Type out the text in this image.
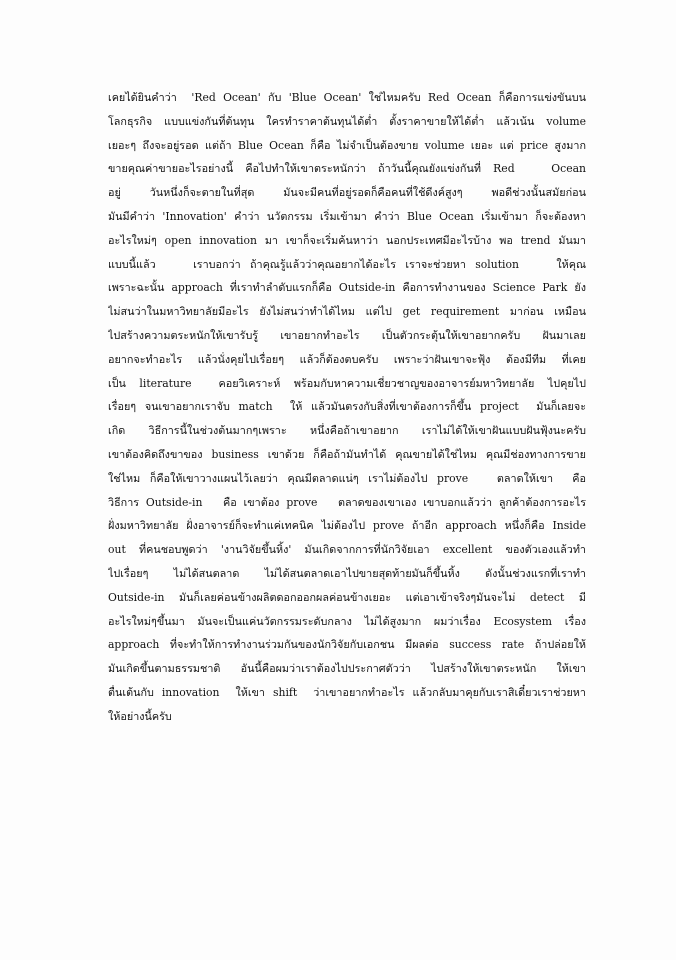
เคยได้ยินคำว่า  'Red Ocean' กับ 'Blue Ocean' ใช่ไหมครับ Red Ocean ก็คือการแข่งขันบน
โลกธุรกิจ แบบแข่งกันที่ต้นทุน ใครทำราคาต้นทุนได้ต่ำ ตั้งราคาขายให้ได้ต่ำ แล้วเน้น volume
เยอะๆ ถึงจะอยู่รอด แต่ถ้า Blue Ocean ก็คือ ไม่จำเป็นต้องขาย volume เยอะ แต่ price สูงมาก
ขายคุณค่าขายอะไรอย่างนี้ คือไปทำให้เขาตระหนักว่า ถ้าวันนี้คุณยังแข่งกันที่ Red   Ocean
อยู่ วันหนึ่งก็จะตายในที่สุด มันจะมีคนที่อยู่รอดก็คือคนที่ใช้ดีงค์สูงๆ พอดีช่วงนั้นสมัยก่อน
มันมีคำว่า 'Innovation' คำว่า นวัตกรรม เริ่มเข้ามา คำว่า Blue Ocean เริ่มเข้ามา ก็จะต้องหา
อะไรใหม่ๆ open innovation มา เขาก็จะเริ่มค้นหาว่า นอกประเทศมีอะไรบ้าง พอ trend มันมา
แบบนี้แล้ว    เราบอกว่า ถ้าคุณรู้แล้วว่าคุณอยากได้อะไร เราจะช่วยหา solution    ให้คุณ
เพราะฉะนั้น approach ที่เราทำลำดับแรกก็คือ Outside-in คือการทำงานของ Science Park ยัง
ไม่สนว่าในมหาวิทยาลัยมีอะไร ยังไม่สนว่าทำได้ไหม แต่ไป get requirement มาก่อน เหมือน
ไปสร้างความตระหนักให้เขารับรู้ เขาอยากทำอะไร เป็นตัวกระตุ้นให้เขาอยากครับ ฝันมาเลย
อยากจะทำอะไร แล้วนั่งคุยไปเรื่อยๆ แล้วก็ต้องตบครับ เพราะว่าฝันเขาจะฟุ้ง ต้องมีทีม ที่เคย
เป็น literature  คอยวิเคราะห์ พร้อมกับหาความเชี่ยวชาญของอาจารย์มหาวิทยาลัย ไปคุยไป
เรื่อยๆ จนเขาอยากเราจับ match  ให้ แล้วมันตรงกับสิ่งที่เขาต้องการก็ขึ้น project  มันก็เลยจะ
เกิด วิธีการนี้ในช่วงต้นมากๆเพราะ หนึ่งคือถ้าเขาอยาก เราไม่ได้ให้เขาฝันแบบฝันฟุ้งนะครับ
เขาต้องคิดถึงขาของ business เขาด้วย ก็คือถ้ามันทำได้ คุณขายได้ใช่ไหม คุณมีช่องทางการขาย
ใช่ไหม ก็คือให้เขาวางแผนไว้เลยว่า คุณมีตลาดแน่ๆ เราไม่ต้องไป prove   ตลาดให้เขา  คือ
วิธีการ Outside-in   คือ เขาต้อง prove   ตลาดของเขาเอง เขาบอกแล้วว่า ลูกค้าต้องการอะไร
ฝั่งมหาวิทยาลัย ฝั่งอาจารย์ก็จะทำแค่เทคนิค ไม่ต้องไป prove ถ้าอีก approach หนึ่งก็คือ Inside
out ที่คนชอบพูดว่า 'งานวิจัยขึ้นหิ้ง' มันเกิดจากการที่นักวิจัยเอา excellent ของตัวเองแล้วทำ
ไปเรื่อยๆ ไม่ได้สนตลาด ไม่ได้สนตลาดเอาไปขายสุดท้ายมันก็ขึ้นหิ้ง ดังนั้นช่วงแรกที่เราทำ
Outside-in มันก็เลยค่อนข้างผลิตดอกออกผลค่อนข้างเยอะ แต่เอาเข้าจริงๆมันจะไม่ detect มี
อะไรใหม่ๆขึ้นมา มันจะเป็นแค่นวัตกรรมระดับกลาง ไม่ได้สูงมาก ผมว่าเรื่อง Ecosystem เรื่อง
approach ที่จะทำให้การทำงานร่วมกันของนักวิจัยกับเอกชน มีผลต่อ success rate ถ้าปล่อยให้
มันเกิดขึ้นตามธรรมชาติ อันนี้คือผมว่าเราต้องไปประกาศตัวว่า ไปสร้างให้เขาตระหนัก ให้เขา
ตื่นเต้นกับ innovation  ให้เขา shift  ว่าเขาอยากทำอะไร แล้วกลับมาคุยกับเราสิเดี๋ยวเราช่วยหา
ให้อย่างนี้ครับ
